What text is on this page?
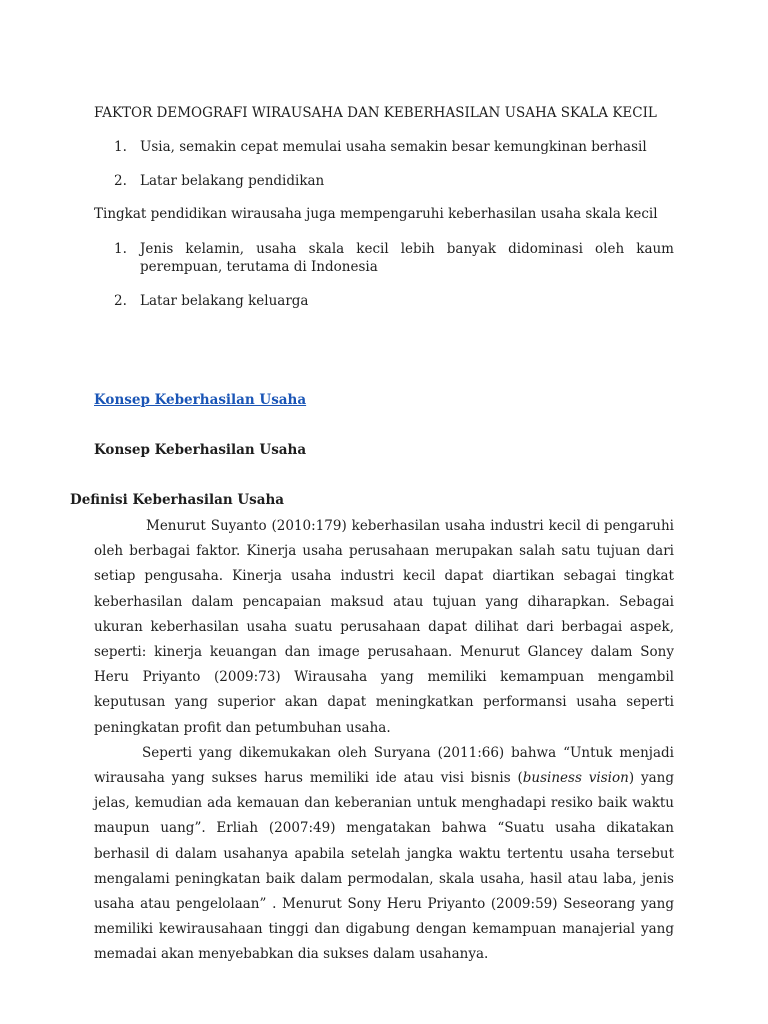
FAKTOR DEMOGRAFI WIRAUSAHA DAN KEBERHASILAN USAHA SKALA KECIL
1. Usia, semakin cepat memulai usaha semakin besar kemungkinan berhasil
2. Latar belakang pendidikan
Tingkat pendidikan wirausaha juga mempengaruhi keberhasilan usaha skala kecil
1. Jenis kelamin, usaha skala kecil lebih banyak didominasi oleh kaum perempuan, terutama di Indonesia
2. Latar belakang keluarga
Konsep Keberhasilan Usaha
Konsep Keberhasilan Usaha
Definisi Keberhasilan Usaha

Menurut Suyanto (2010:179) keberhasilan usaha industri kecil di pengaruhi oleh berbagai faktor. Kinerja usaha perusahaan merupakan salah satu tujuan dari setiap pengusaha. Kinerja usaha industri kecil dapat diartikan sebagai tingkat keberhasilan dalam pencapaian maksud atau tujuan yang diharapkan. Sebagai ukuran keberhasilan usaha suatu perusahaan dapat dilihat dari berbagai aspek, seperti: kinerja keuangan dan image perusahaan. Menurut Glancey dalam Sony Heru Priyanto (2009:73) Wirausaha yang memiliki kemampuan mengambil keputusan yang superior akan dapat meningkatkan performansi usaha seperti peningkatan profit dan petumbuhan usaha.

Seperti yang dikemukakan oleh Suryana (2011:66) bahwa “Untuk menjadi wirausaha yang sukses harus memiliki ide atau visi bisnis (business vision) yang jelas, kemudian ada kemauan dan keberanian untuk menghadapi resiko baik waktu maupun uang”. Erliah (2007:49) mengatakan bahwa “Suatu usaha dikatakan berhasil di dalam usahanya apabila setelah jangka waktu tertentu usaha tersebut mengalami peningkatan baik dalam permodalan, skala usaha, hasil atau laba, jenis usaha atau pengelolaan” . Menurut Sony Heru Priyanto (2009:59) Seseorang yang memiliki kewirausahaan tinggi dan digabung dengan kemampuan manajerial yang memadai akan menyebabkan dia sukses dalam usahanya.
